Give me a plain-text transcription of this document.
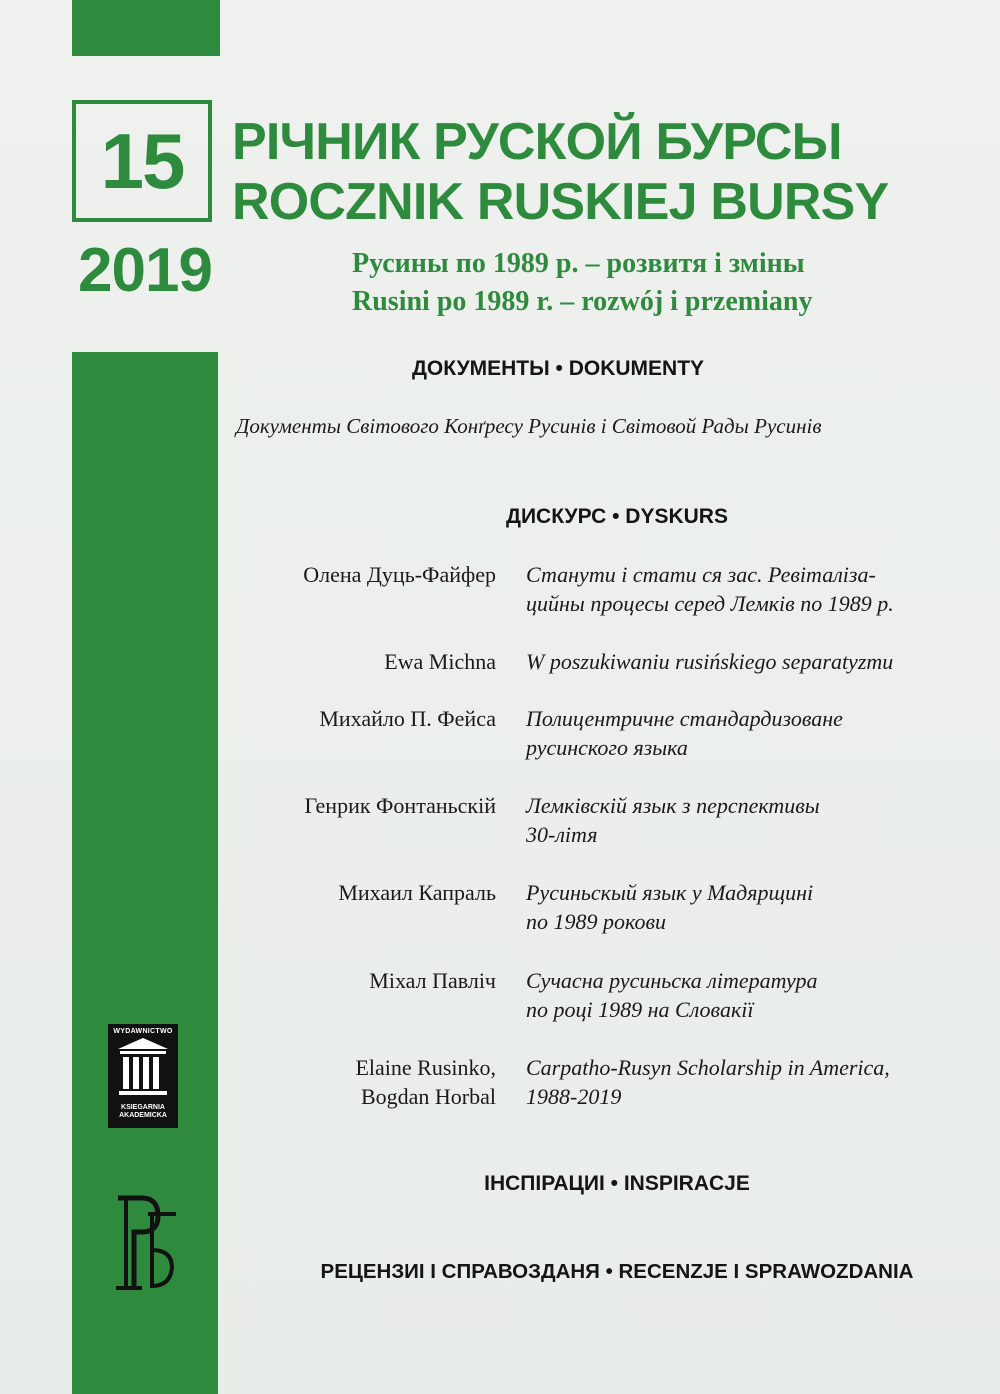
15
2019
РІЧНИК РУСКОЙ БУРСЫ
ROCZNIK RUSKIEJ BURSY
Русины по 1989 р. – розвитя і зміны
Rusini po 1989 r. – rozwój i przemiany
ДОКУМЕНТЫ • DOKUMENTY
Документы Світового Конґресу Русинів і Світовой Рады Русинів
ДИСКУРС • DYSKURS
Олена Дуць-Файфер Станути і стати ся зас. Ревіталіза-
цийны процесы серед Лемків по 1989 р.
Ewa Michna W poszukiwaniu rusińskiego separatyzmu
Михайло П. Фейса Полицентричне стандардизоване
русинского языка
Генрик Фонтаньскій Лемківскій язык з перспективы
30-літя
Михаил Капраль Русиньскый язык у Мадярщині
по 1989 рокови
Міхал Павліч Сучасна русиньска література
по році 1989 на Словакії
Elaine Rusinko,
Bogdan Horbal
Carpatho-Rusyn Scholarship in America,
1988-2019
ІНСПІРАЦИІ • INSPIRACJE
РЕЦЕНЗИІ І СПРАВОЗДАНЯ • RECENZJE I SPRAWOZDANIA
WYDAWNICTWO
KSIEGARNIA
AKADEMICKA
